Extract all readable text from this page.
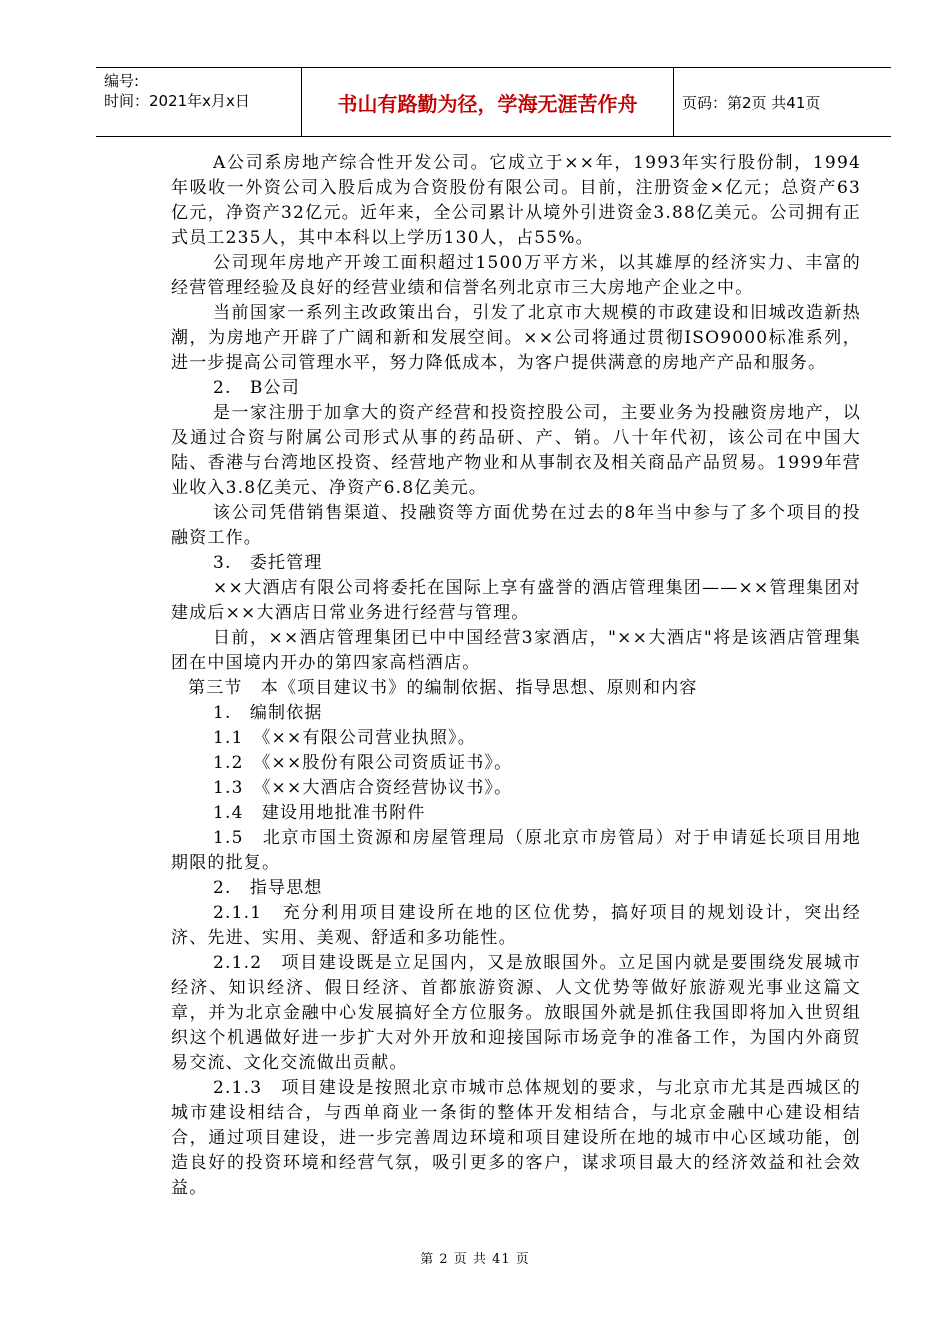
编号:
时间：2021年x月x日	书山有路勤为径，学海无涯苦作舟	页码：第2页 共41页

A公司系房地产综合性开发公司。它成立于××年，1993年实行股份制，1994年吸收一外资公司入股后成为合资股份有限公司。目前，注册资金×亿元；总资产63亿元，净资产32亿元。近年来，全公司累计从境外引进资金3.88亿美元。公司拥有正式员工235人，其中本科以上学历130人，占55%。

公司现年房地产开竣工面积超过1500万平方米，以其雄厚的经济实力、丰富的经营管理经验及良好的经营业绩和信誉名列北京市三大房地产企业之中。

当前国家一系列主改政策出台，引发了北京市大规模的市政建设和旧城改造新热潮，为房地产开辟了广阔和新和发展空间。××公司将通过贯彻ISO9000标准系列，进一步提高公司管理水平，努力降低成本，为客户提供满意的房地产产品和服务。

2.　B公司

是一家注册于加拿大的资产经营和投资控股公司，主要业务为投融资房地产，以及通过合资与附属公司形式从事的药品研、产、销。八十年代初，该公司在中国大陆、香港与台湾地区投资、经营地产物业和从事制衣及相关商品产品贸易。1999年营业收入3.8亿美元、净资产6.8亿美元。

该公司凭借销售渠道、投融资等方面优势在过去的8年当中参与了多个项目的投融资工作。

3.　委托管理

××大酒店有限公司将委托在国际上享有盛誉的酒店管理集团——××管理集团对建成后××大酒店日常业务进行经营与管理。

日前，××酒店管理集团已中中国经营3家酒店，"××大酒店"将是该酒店管理集团在中国境内开办的第四家高档酒店。

第三节　本《项目建议书》的编制依据、指导思想、原则和内容

1.　编制依据

1.1　《××有限公司营业执照》。

1.2　《××股份有限公司资质证书》。

1.3　《××大酒店合资经营协议书》。

1.4　建设用地批准书附件

1.5　北京市国土资源和房屋管理局（原北京市房管局）对于申请延长项目用地期限的批复。

2.　指导思想

2.1.1　充分利用项目建设所在地的区位优势，搞好项目的规划设计，突出经济、先进、实用、美观、舒适和多功能性。

2.1.2　项目建设既是立足国内，又是放眼国外。立足国内就是要围绕发展城市经济、知识经济、假日经济、首都旅游资源、人文优势等做好旅游观光事业这篇文章，并为北京金融中心发展搞好全方位服务。放眼国外就是抓住我国即将加入世贸组织这个机遇做好进一步扩大对外开放和迎接国际市场竞争的准备工作，为国内外商贸易交流、文化交流做出贡献。

2.1.3　项目建设是按照北京市城市总体规划的要求，与北京市尤其是西城区的城市建设相结合，与西单商业一条街的整体开发相结合，与北京金融中心建设相结合，通过项目建设，进一步完善周边环境和项目建设所在地的城市中心区域功能，创造良好的投资环境和经营气氛，吸引更多的客户，谋求项目最大的经济效益和社会效益。

第 2 页 共 41 页
